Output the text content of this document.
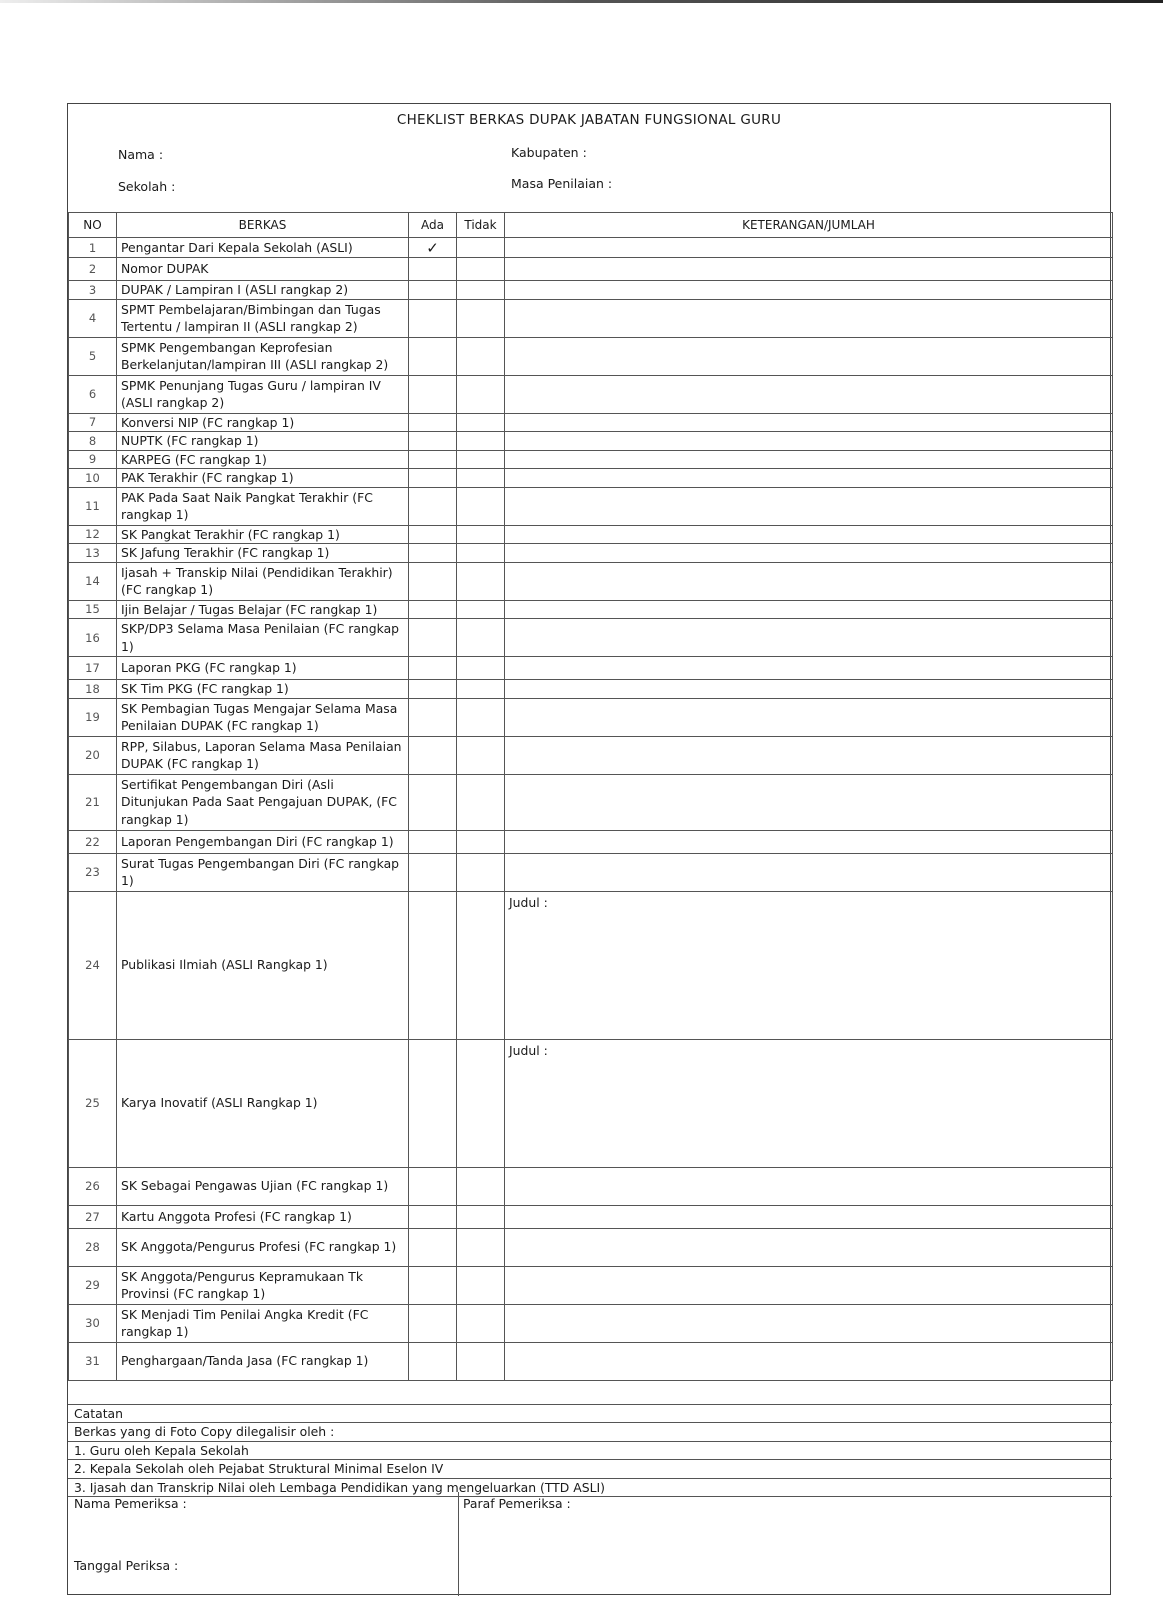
CHEKLIST BERKAS DUPAK JABATAN FUNGSIONAL GURU
Nama :
Sekolah :
Kabupaten :
Masa Penilaian :
NO	BERKAS	Ada	Tidak	KETERANGAN/JUMLAH
1	Pengantar Dari Kepala Sekolah (ASLI)	✓		
2	Nomor DUPAK			
3	DUPAK / Lampiran I (ASLI rangkap 2)			
4	SPMT Pembelajaran/Bimbingan dan Tugas Tertentu / lampiran II (ASLI rangkap 2)			
5	SPMK Pengembangan Keprofesian Berkelanjutan/lampiran III (ASLI rangkap 2)			
6	SPMK Penunjang Tugas Guru / lampiran IV (ASLI rangkap 2)			
7	Konversi NIP (FC rangkap 1)			
8	NUPTK (FC rangkap 1)			
9	KARPEG (FC rangkap 1)			
10	PAK Terakhir (FC rangkap 1)			
11	PAK Pada Saat Naik Pangkat Terakhir (FC rangkap 1)			
12	SK Pangkat Terakhir (FC rangkap 1)			
13	SK Jafung Terakhir (FC rangkap 1)			
14	Ijasah + Transkip Nilai (Pendidikan Terakhir) (FC rangkap 1)			
15	Ijin Belajar / Tugas Belajar (FC rangkap 1)			
16	SKP/DP3 Selama Masa Penilaian (FC rangkap 1)			
17	Laporan PKG (FC rangkap 1)			
18	SK Tim PKG (FC rangkap 1)			
19	SK Pembagian Tugas Mengajar Selama Masa Penilaian DUPAK (FC rangkap 1)			
20	RPP, Silabus, Laporan Selama Masa Penilaian DUPAK (FC rangkap 1)			
21	Sertifikat Pengembangan Diri (Asli Ditunjukan Pada Saat Pengajuan DUPAK, (FC rangkap 1)			
22	Laporan Pengembangan Diri (FC rangkap 1)			
23	Surat Tugas Pengembangan Diri (FC rangkap 1)			
24	Publikasi Ilmiah (ASLI Rangkap 1)			Judul :
25	Karya Inovatif (ASLI Rangkap 1)			Judul :
26	SK Sebagai Pengawas Ujian (FC rangkap 1)			
27	Kartu Anggota Profesi (FC rangkap 1)			
28	SK Anggota/Pengurus Profesi (FC rangkap 1)			
29	SK Anggota/Pengurus Kepramukaan Tk Provinsi (FC rangkap 1)			
30	SK Menjadi Tim Penilai Angka Kredit (FC rangkap 1)			
31	Penghargaan/Tanda Jasa (FC rangkap 1)			
Catatan
Berkas yang di Foto Copy dilegalisir oleh :
1. Guru oleh Kepala Sekolah
2. Kepala Sekolah oleh Pejabat Struktural Minimal Eselon IV
3. Ijasah dan Transkrip Nilai oleh Lembaga Pendidikan yang mengeluarkan (TTD ASLI)
Nama Pemeriksa :
Tanggal Periksa :
Paraf Pemeriksa :
